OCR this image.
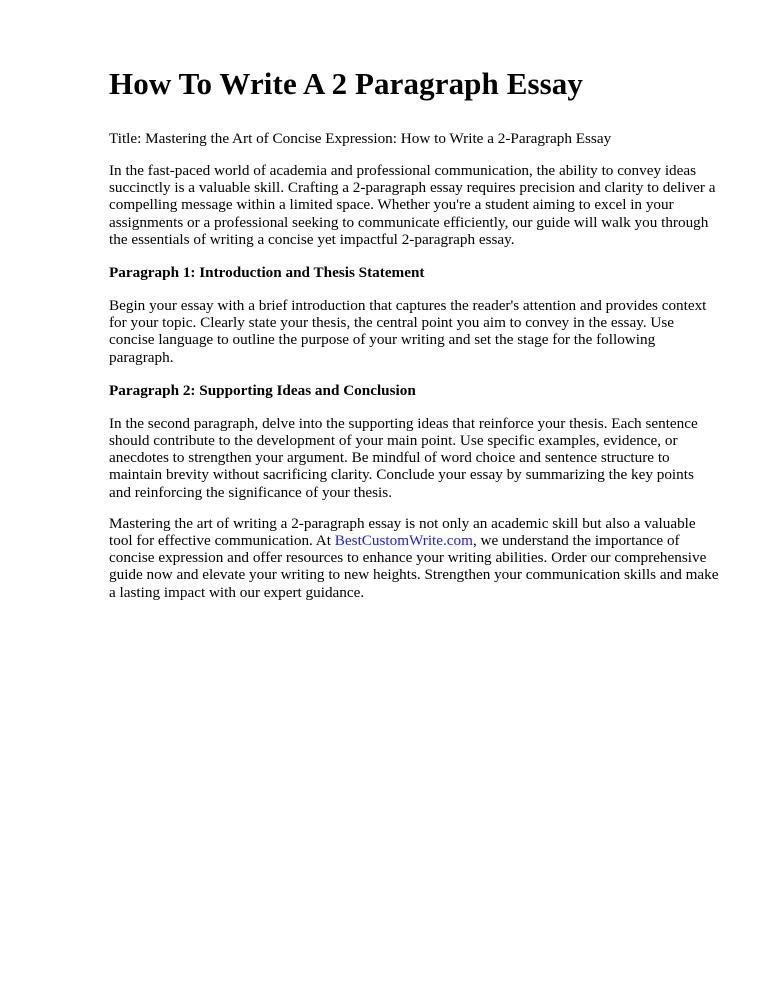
How To Write A 2 Paragraph Essay

Title: Mastering the Art of Concise Expression: How to Write a 2-Paragraph Essay

In the fast-paced world of academia and professional communication, the ability to convey ideas succinctly is a valuable skill. Crafting a 2-paragraph essay requires precision and clarity to deliver a compelling message within a limited space. Whether you're a student aiming to excel in your assignments or a professional seeking to communicate efficiently, our guide will walk you through the essentials of writing a concise yet impactful 2-paragraph essay.

Paragraph 1: Introduction and Thesis Statement

Begin your essay with a brief introduction that captures the reader's attention and provides context for your topic. Clearly state your thesis, the central point you aim to convey in the essay. Use concise language to outline the purpose of your writing and set the stage for the following paragraph.

Paragraph 2: Supporting Ideas and Conclusion

In the second paragraph, delve into the supporting ideas that reinforce your thesis. Each sentence should contribute to the development of your main point. Use specific examples, evidence, or anecdotes to strengthen your argument. Be mindful of word choice and sentence structure to maintain brevity without sacrificing clarity. Conclude your essay by summarizing the key points and reinforcing the significance of your thesis.

Mastering the art of writing a 2-paragraph essay is not only an academic skill but also a valuable tool for effective communication. At BestCustomWrite.com, we understand the importance of concise expression and offer resources to enhance your writing abilities. Order our comprehensive guide now and elevate your writing to new heights. Strengthen your communication skills and make a lasting impact with our expert guidance.
